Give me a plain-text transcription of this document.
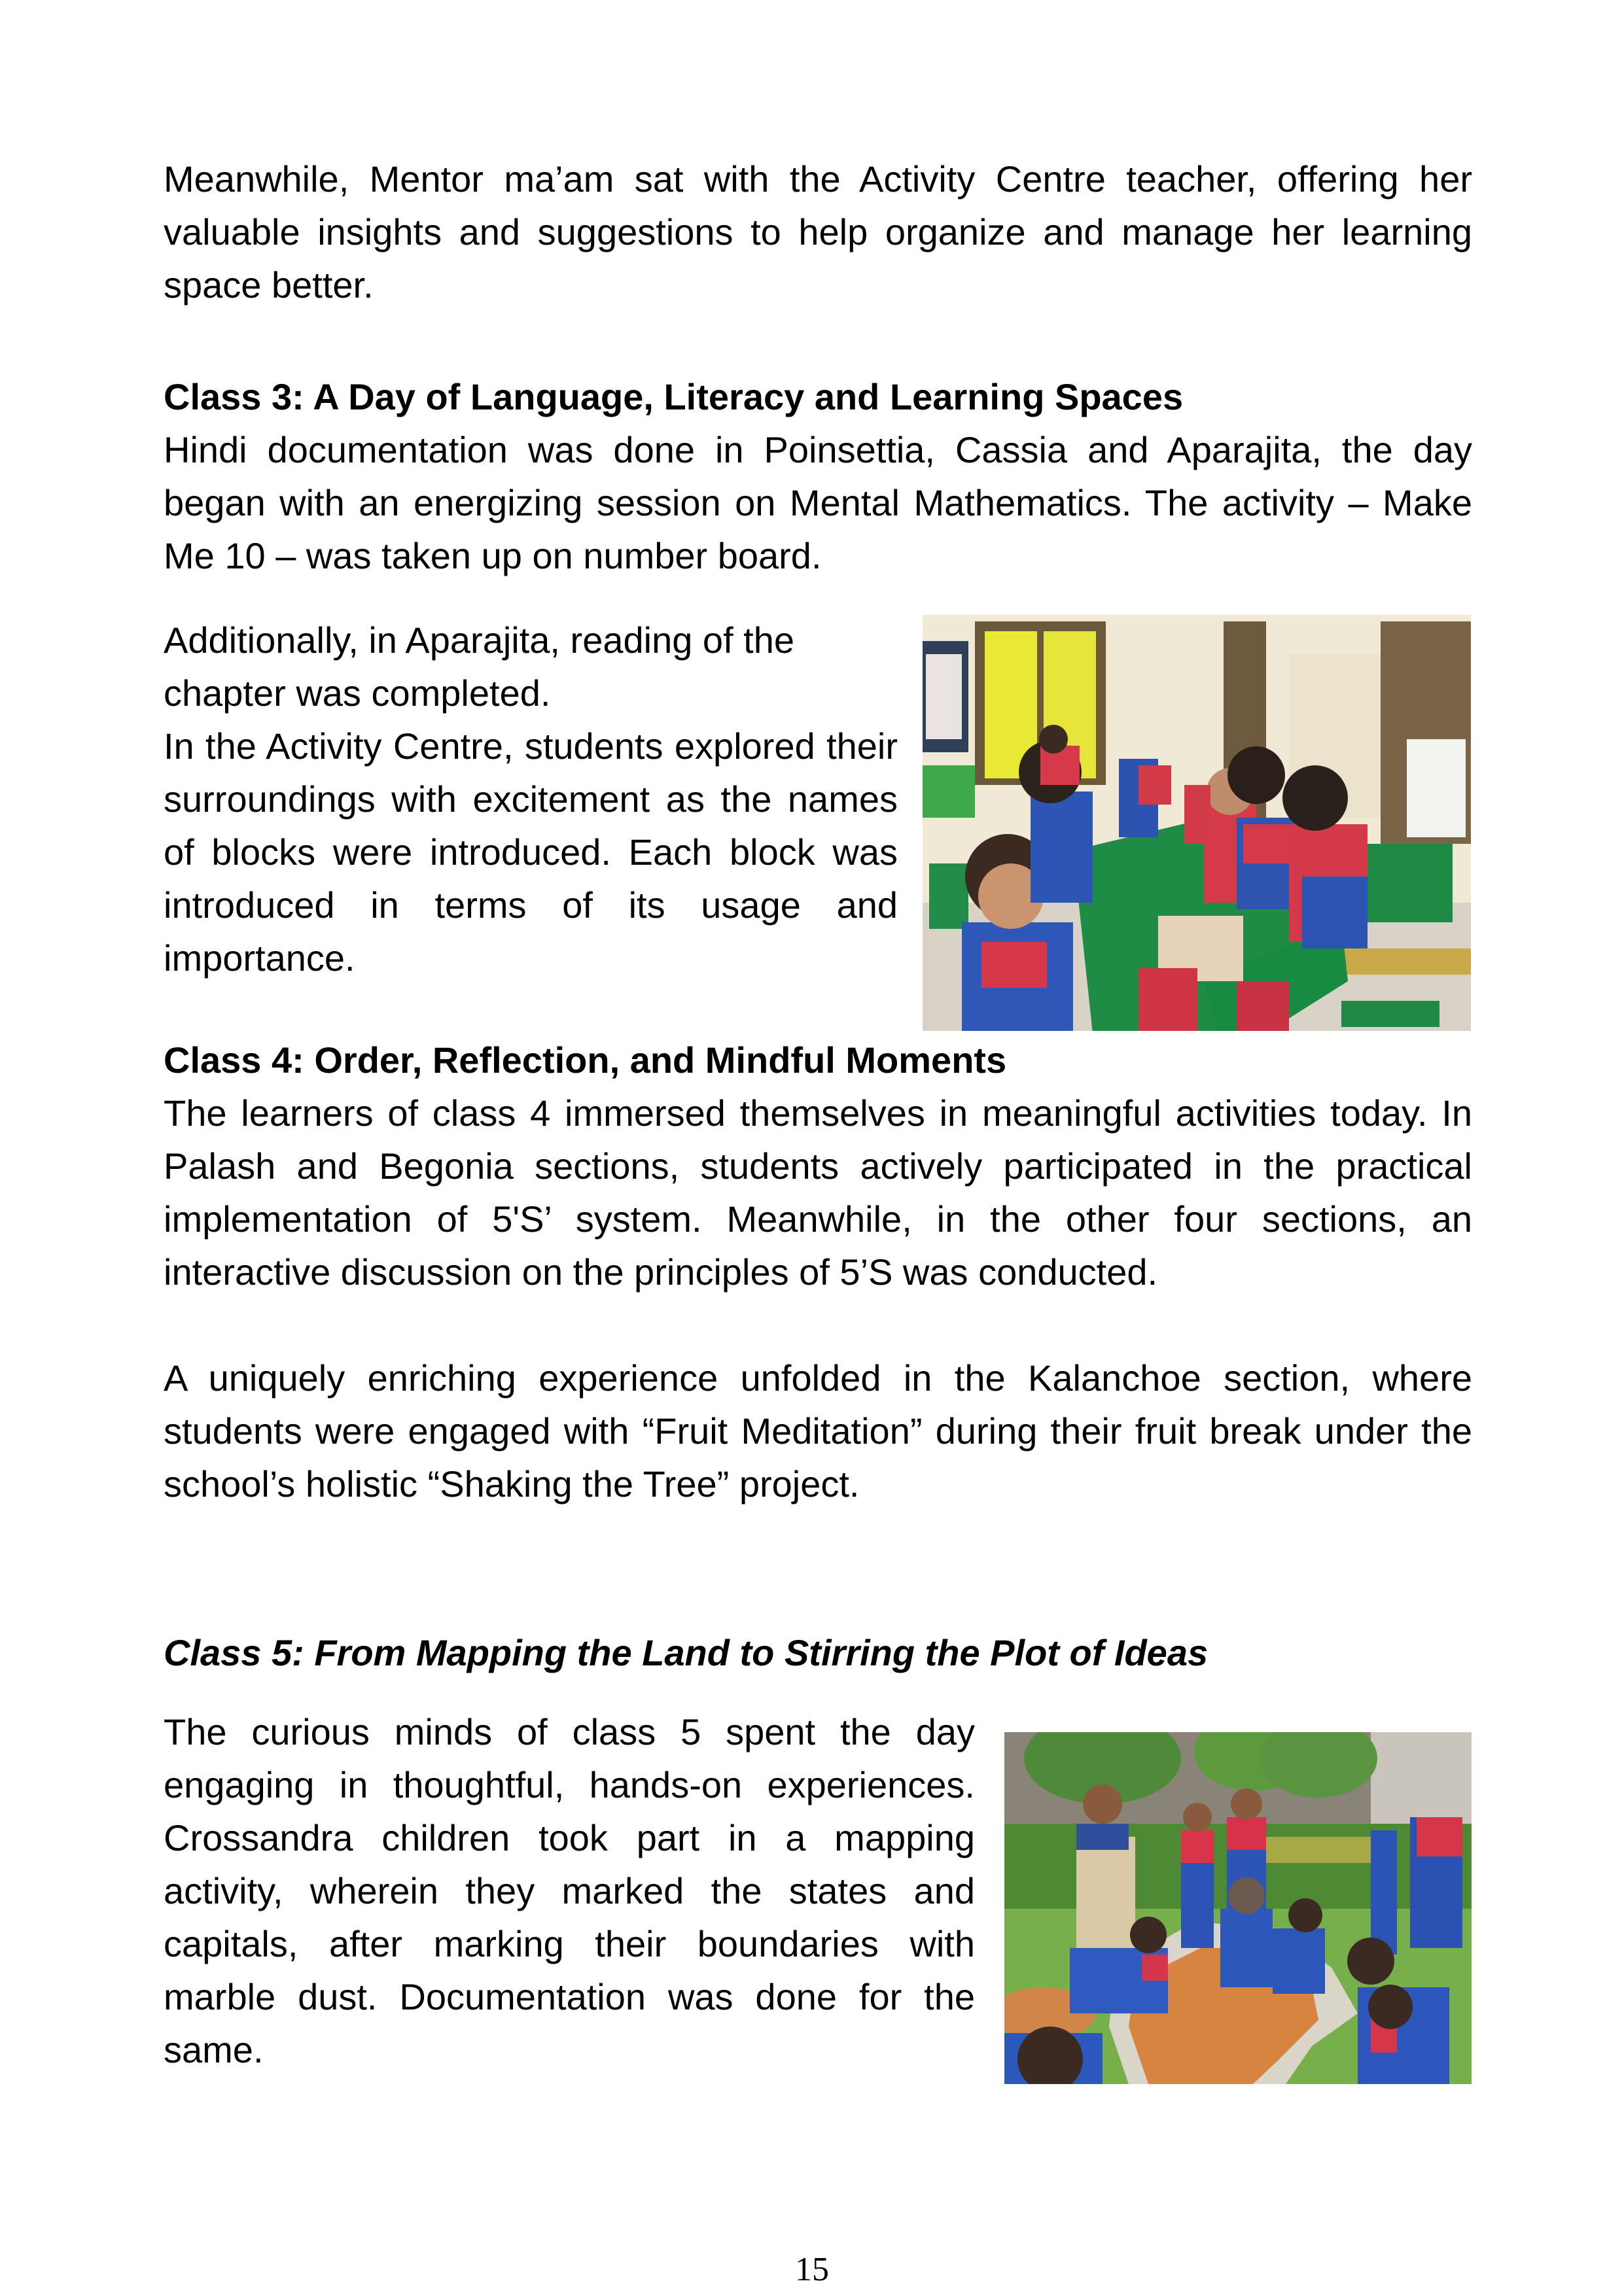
Meanwhile, Mentor ma’am sat with the Activity Centre teacher, offering her valuable insights and suggestions to help organize and manage her learning space better.

Class 3: A Day of Language, Literacy and Learning Spaces

Hindi documentation was done in Poinsettia, Cassia and Aparajita, the day began with an energizing session on Mental Mathematics. The activity – Make Me 10 – was taken up on number board.

Additionally, in Aparajita, reading of the chapter was completed.

In the Activity Centre, students explored their surroundings with excitement as the names of blocks were introduced. Each block was introduced in terms of its usage and importance.

Class 4: Order, Reflection, and Mindful Moments

The learners of class 4 immersed themselves in meaningful activities today. In Palash and Begonia sections, students actively participated in the practical implementation of 5'S’ system. Meanwhile, in the other four sections, an interactive discussion on the principles of 5’S was conducted.

A uniquely enriching experience unfolded in the Kalanchoe section, where students were engaged with “Fruit Meditation” during their fruit break under the school’s holistic “Shaking the Tree” project.

Class 5: From Mapping the Land to Stirring the Plot of Ideas

The curious minds of class 5 spent the day engaging in thoughtful, hands-on experiences. Crossandra children took part in a mapping activity, wherein they marked the states and capitals, after marking their boundaries with marble dust. Documentation was done for the same.

15
